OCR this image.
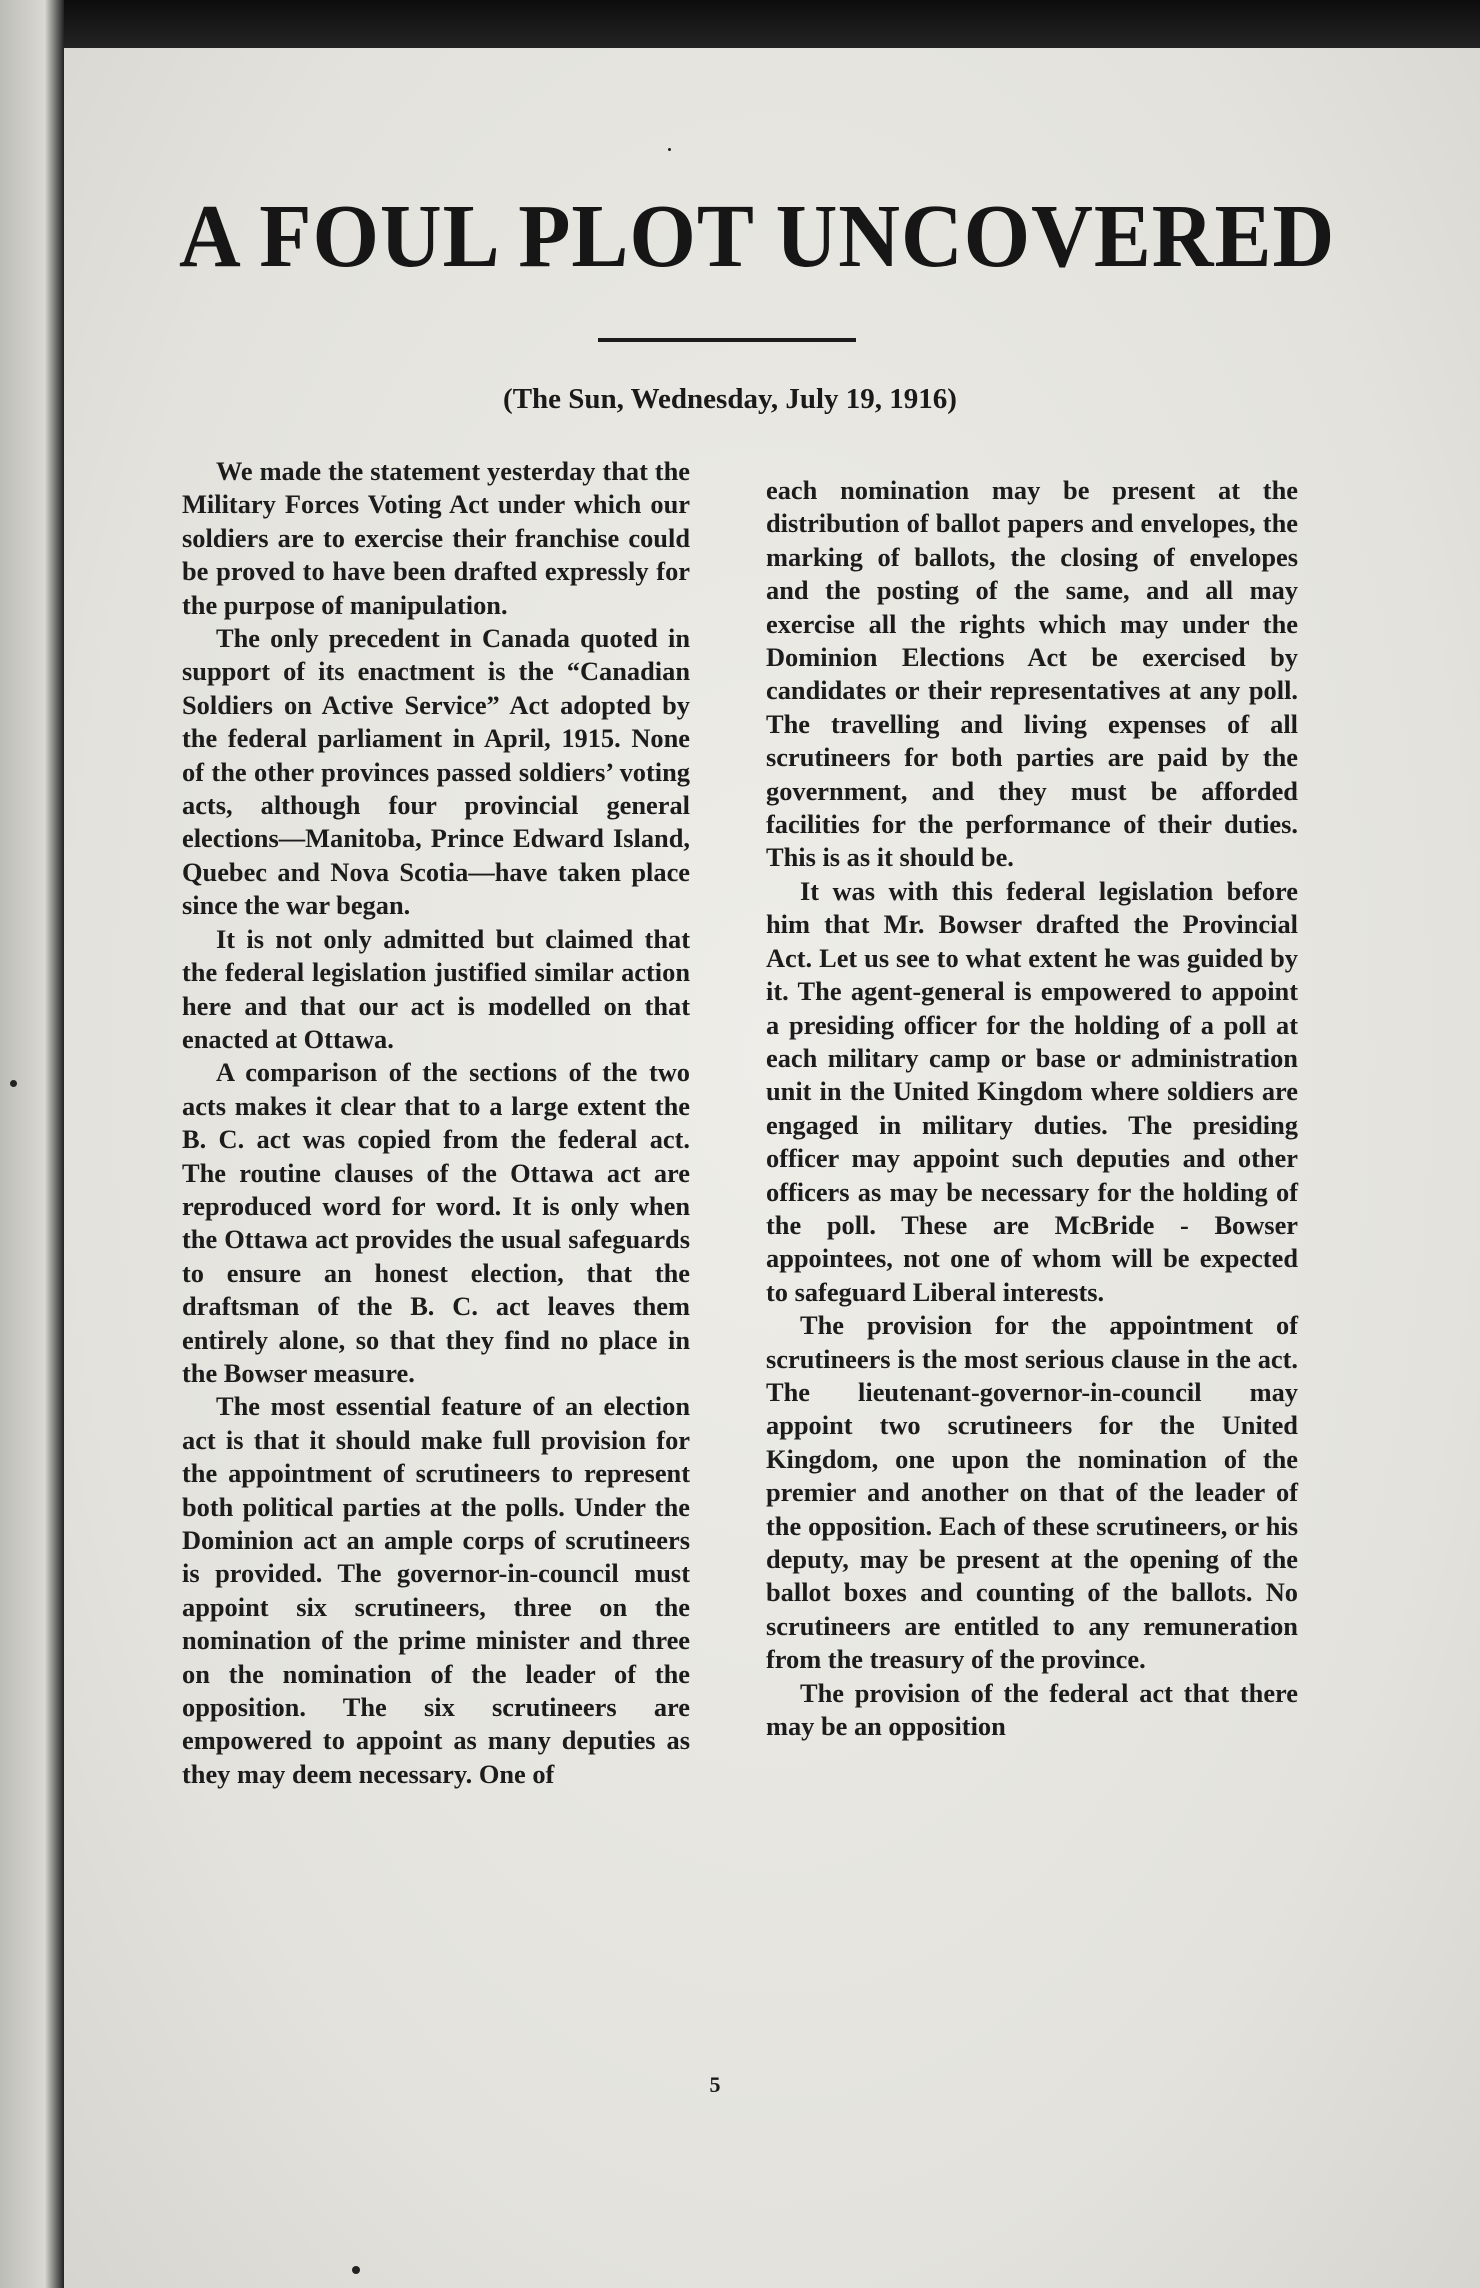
A FOUL PLOT UNCOVERED
(The Sun, Wednesday, July 19, 1916)

We made the statement yesterday that the Military Forces Voting Act under which our soldiers are to exercise their franchise could be proved to have been drafted expressly for the purpose of manipulation.

The only precedent in Canada quoted in support of its enactment is the “Canadian Soldiers on Active Service” Act adopted by the federal parliament in April, 1915. None of the other provinces passed soldiers’ voting acts, although four provincial general elections—Manitoba, Prince Edward Island, Quebec and Nova Scotia—have taken place since the war began.

It is not only admitted but claimed that the federal legislation justified similar action here and that our act is modelled on that enacted at Ottawa.

A comparison of the sections of the two acts makes it clear that to a large extent the B. C. act was copied from the federal act. The routine clauses of the Ottawa act are reproduced word for word. It is only when the Ottawa act provides the usual safeguards to ensure an honest election, that the draftsman of the B. C. act leaves them entirely alone, so that they find no place in the Bowser measure.

The most essential feature of an election act is that it should make full provision for the appointment of scrutineers to represent both political parties at the polls. Under the Dominion act an ample corps of scrutineers is provided. The governor-in-council must appoint six scrutineers, three on the nomination of the prime minister and three on the nomination of the leader of the opposition. The six scrutineers are empowered to appoint as many deputies as they may deem necessary. One of

each nomination may be present at the distribution of ballot papers and envelopes, the marking of ballots, the closing of envelopes and the posting of the same, and all may exercise all the rights which may under the Dominion Elections Act be exercised by candidates or their representatives at any poll. The travelling and living expenses of all scrutineers for both parties are paid by the government, and they must be afforded facilities for the performance of their duties. This is as it should be.

It was with this federal legislation before him that Mr. Bowser drafted the Provincial Act. Let us see to what extent he was guided by it. The agent-general is empowered to appoint a presiding officer for the holding of a poll at each military camp or base or administration unit in the United Kingdom where soldiers are engaged in military duties. The presiding officer may appoint such deputies and other officers as may be necessary for the holding of the poll. These are McBride - Bowser appointees, not one of whom will be expected to safeguard Liberal interests.

The provision for the appointment of scrutineers is the most serious clause in the act. The lieutenant-governor-in-council may appoint two scrutineers for the United Kingdom, one upon the nomination of the premier and another on that of the leader of the opposition. Each of these scrutineers, or his deputy, may be present at the opening of the ballot boxes and counting of the ballots. No scrutineers are entitled to any remuneration from the treasury of the province.

The provision of the federal act that there may be an opposition

5
